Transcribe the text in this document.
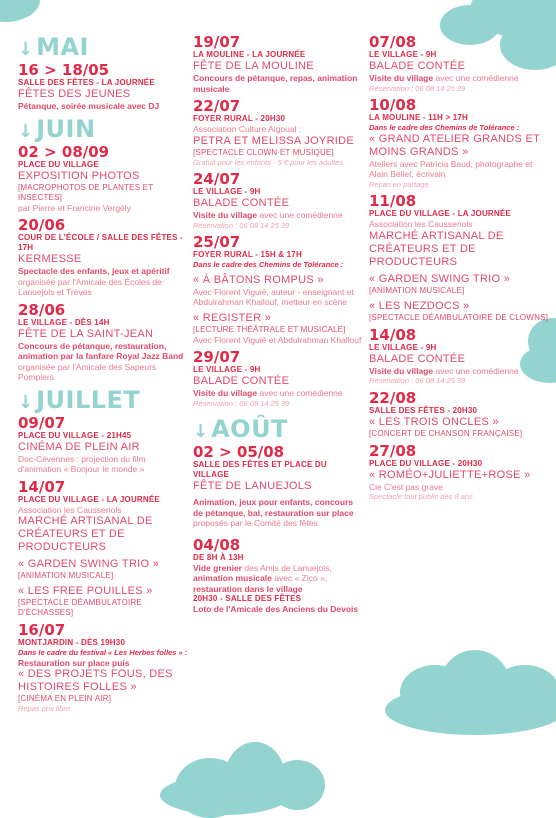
↓ MAI
16 > 18/05
SALLE DES FÊTES - LA JOURNÉE
FÊTES DES JEUNES
Pétanque, soirée musicale avec DJ
↓ JUIN
02 > 08/09
PLACE DU VILLAGE
EXPOSITION PHOTOS
[MACROPHOTOS DE PLANTES ET INSECTES]
par Pierre et Francine Vergély
20/06
COUR DE L'ÉCOLE / SALLE DES FÊTES - 17H
KERMESSE
Spectacle des enfants, jeux et apéritif
organisée par l'Amicale des Écoles de Lanuejols et Trèves
28/06
LE VILLAGE - DÈS 14H
FÊTE DE LA SAINT-JEAN
Concours de pétanque, restauration, animation par la fanfare Royal Jazz Band
organisée par l'Amicale des Sapeurs Pompiers
↓ JUILLET
09/07
PLACE DU VILLAGE - 21H45
CINÉMA DE PLEIN AIR
Doc-Cévennes : projection du film d'animation « Bonjour le monde »
14/07
PLACE DU VILLAGE - LA JOURNÉE
Association les Caussenols
MARCHÉ ARTISANAL DE CRÉATEURS ET DE PRODUCTEURS
« GARDEN SWING TRIO »
[ANIMATION MUSICALE]
« LES FREE POUILLES »
[SPECTACLE DÉAMBULATOIRE D'ÉCHASSES]
16/07
MONTJARDIN - DÈS 19H30
Dans le cadre du festival « Les Herbes folles » :
Restauration sur place puis
« DES PROJETS FOUS, DES HISTOIRES FOLLES »
[CINÉMA EN PLEIN AIR]
Repas prix libre
19/07
LA MOULINE - LA JOURNÉE
FÊTE DE LA MOULINE
Concours de pétanque, repas, animation musicale
22/07
FOYER RURAL - 20H30
Association Culture Aigoual :
PETRA ET MELISSA JOYRIDE
[SPECTACLE CLOWN ET MUSIQUE]
Gratuit pour les enfants - 5 € pour les adultes
24/07
LE VILLAGE - 9H
BALADE CONTÉE
Visite du village avec une comédienne
Réservation : 06 08 14 25 39
25/07
FOYER RURAL - 15H & 17H
Dans le cadre des Chemins de Tolérance :
« À BÂTONS ROMPUS »
Avec Florent Viguié, auteur - enseignant et Abdulrahman Khallouf, metteur en scène
« REGISTER »
[LECTURE THÉÂTRALE ET MUSICALE]
Avec Florent Viguié et Abdulrahman Khallouf
29/07
LE VILLAGE - 9H
BALADE CONTÉE
Visite du village avec une comédienne
Réservation : 06 08 14 25 39
↓ AOÛT
02 > 05/08
SALLE DES FÊTES ET PLACE DU VILLAGE
FÊTE DE LANUEJOLS
Animation, jeux pour enfants, concours de pétanque, bal, restauration sur place
proposés par le Comité des fêtes
04/08
DE 8H À 13H
Vide grenier des Amis de Lanuejols, animation musicale avec « Zico », restauration dans le village
20H30 - SALLE DES FÊTES
Loto de l'Amicale des Anciens du Devois
07/08
LE VILLAGE - 9H
BALADE CONTÉE
Visite du village avec une comédienne
Réservation : 06 08 14 25 39
10/08
LA MOULINE - 11H > 17H
Dans le cadre des Chemins de Tolérance :
« GRAND ATELIER GRANDS ET MOINS GRANDS »
Ateliers avec Patricia Baud, photographe et Alain Bellet, écrivain
Repas en partage
11/08
PLACE DU VILLAGE - LA JOURNÉE
Association les Caussenols
MARCHÉ ARTISANAL DE CRÉATEURS ET DE PRODUCTEURS
« GARDEN SWING TRIO »
[ANIMATION MUSICALE]
« LES NEZDOCS »
[SPECTACLE DÉAMBULATOIRE DE CLOWNS]
14/08
LE VILLAGE - 9H
BALADE CONTÉE
Visite du village avec une comédienne
Réservation : 06 08 14 25 39
22/08
SALLE DES FÊTES - 20H30
« LES TROIS ONCLES »
[CONCERT DE CHANSON FRANÇAISE]
27/08
PLACE DU VILLAGE - 20H30
« ROMÉO+JULIETTE+ROSE »
Cie C'est pas grave
Spectacle tout public dès 8 ans
